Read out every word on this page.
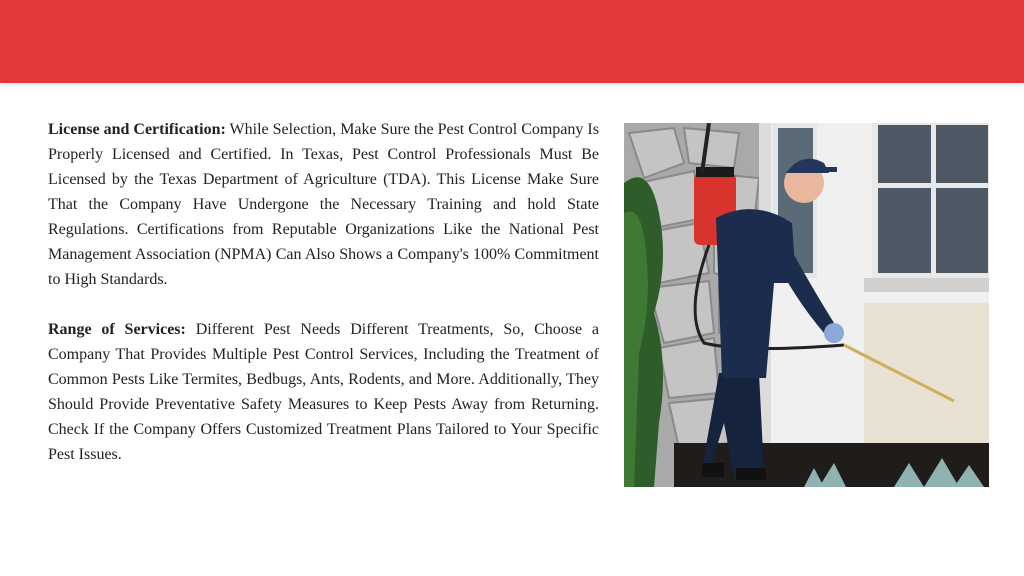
License and Certification: While Selection, Make Sure the Pest Control Company Is Properly Licensed and Certified. In Texas, Pest Control Professionals Must Be Licensed by the Texas Department of Agriculture (TDA). This License Make Sure That the Company Have Undergone the Necessary Training and hold State Regulations. Certifications from Reputable Organizations Like the National Pest Management Association (NPMA) Can Also Shows a Company's 100% Commitment to High Standards.

Range of Services: Different Pest Needs Different Treatments, So, Choose a Company That Provides Multiple Pest Control Services, Including the Treatment of Common Pests Like Termites, Bedbugs, Ants, Rodents, and More. Additionally, They Should Provide Preventative Safety Measures to Keep Pests Away from Returning. Check If the Company Offers Customized Treatment Plans Tailored to Your Specific Pest Issues.
